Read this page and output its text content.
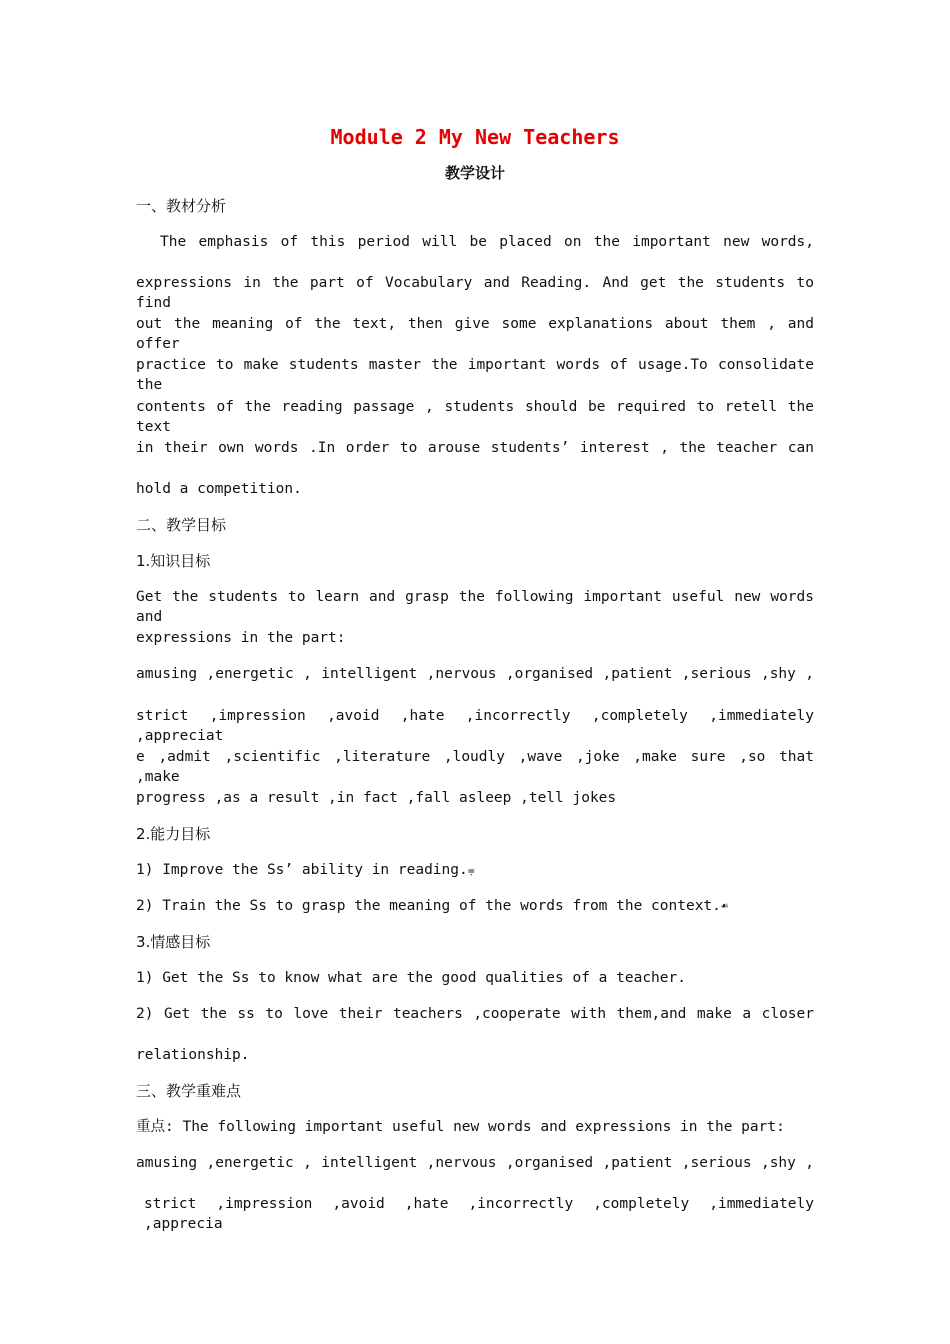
Module 2 My New Teachers
教学设计
一、教材分析
The emphasis of this period will be placed on the important new words,
expressions in the part of Vocabulary and Reading. And get the students to find
out the meaning of the text, then give some explanations about them , and offer
practice to make students master the important words of usage.To consolidate the
contents of the reading passage , students should be required to retell the text
in their own words .In order to arouse students’ interest , the teacher can
hold a competition.
二、教学目标
1.知识目标
Get the students to learn and grasp the following important useful new words and
expressions in the part:
amusing ,energetic , intelligent ,nervous ,organised ,patient ,serious ,shy ,
strict ,impression ,avoid ,hate ,incorrectly ,completely ,immediately ,appreciat
e ,admit ,scientific ,literature ,loudly ,wave ,joke ,make sure ,so that ,make
progress ,as a result ,in fact ,fall asleep ,tell jokes
2.能力目标
1) Improve the Ss’ ability in reading.⩦
2) Train the Ss to grasp the meaning of the words from the context.☙
3.情感目标
1) Get the Ss to know what are the good qualities of a teacher.
2) Get the ss to love their teachers ,cooperate with them,and make a closer
relationship.
三、教学重难点
重点: The following important useful new words and expressions in the part:
amusing ,energetic , intelligent ,nervous ,organised ,patient ,serious ,shy ,
strict ,impression ,avoid ,hate ,incorrectly ,completely ,immediately ,apprecia
